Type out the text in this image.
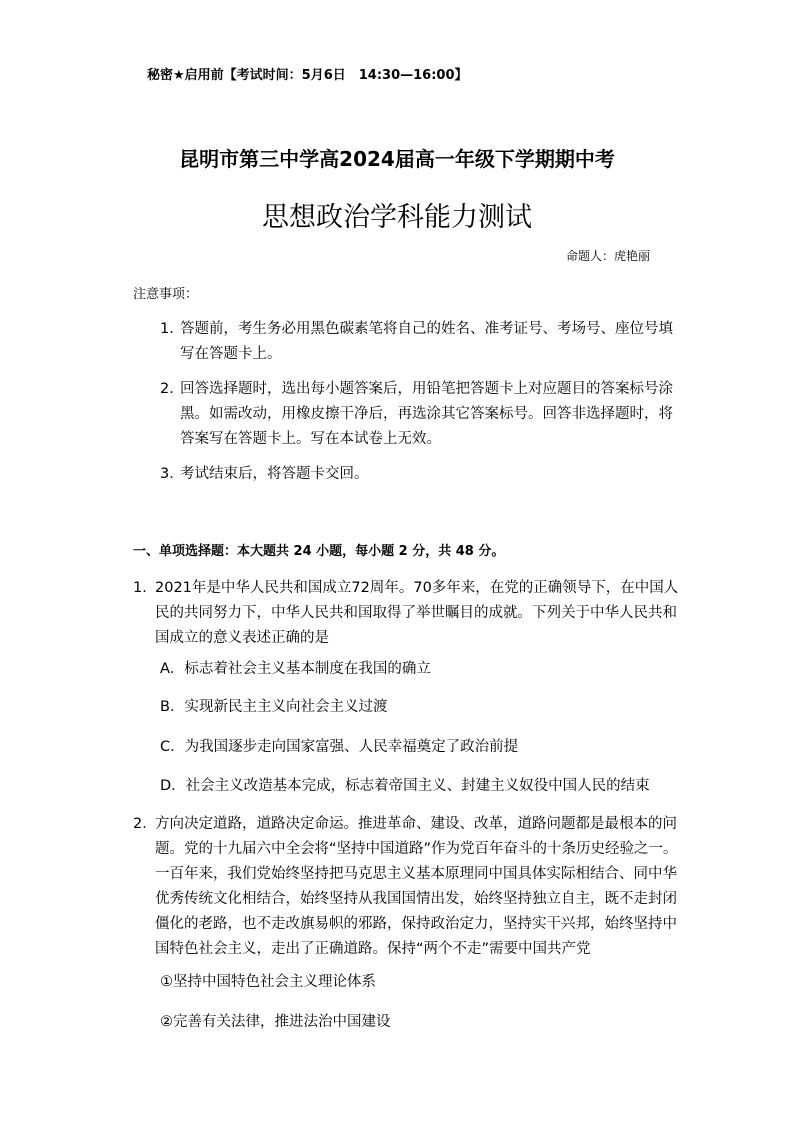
秘密★启用前【考试时间：5月6日　14:30—16:00】
昆明市第三中学高2024届高一年级下学期期中考
思想政治学科能力测试
命题人：虎艳丽
注意事项：
1．
答题前，考生务必用黑色碳素笔将自己的姓名、准考证号、考场号、座位号填
写在答题卡上。
2．
回答选择题时，选出每小题答案后，用铅笔把答题卡上对应题目的答案标号涂
黑。如需改动，用橡皮擦干净后，再选涂其它答案标号。回答非选择题时，将
答案写在答题卡上。写在本试卷上无效。
3．
考试结束后，将答题卡交回。
一、单项选择题：本大题共 24 小题，每小题 2 分，共 48 分。
1．2021年是中华人民共和国成立72周年。70多年来，在党的正确领导下，在中国人
民的共同努力下，中华人民共和国取得了举世瞩目的成就。下列关于中华人民共和
国成立的意义表述正确的是
A．标志着社会主义基本制度在我国的确立
B．实现新民主主义向社会主义过渡
C．为我国逐步走向国家富强、人民幸福奠定了政治前提
D．社会主义改造基本完成，标志着帝国主义、封建主义奴役中国人民的结束
2．方向决定道路，道路决定命运。推进革命、建设、改革，道路问题都是最根本的问
题。党的十九届六中全会将“坚持中国道路”作为党百年奋斗的十条历史经验之一。
一百年来，我们党始终坚持把马克思主义基本原理同中国具体实际相结合、同中华
优秀传统文化相结合，始终坚持从我国国情出发，始终坚持独立自主，既不走封闭
僵化的老路，也不走改旗易帜的邪路，保持政治定力，坚持实干兴邦，始终坚持中
国特色社会主义，走出了正确道路。保持“两个不走”需要中国共产党
①坚持中国特色社会主义理论体系
②完善有关法律，推进法治中国建设
